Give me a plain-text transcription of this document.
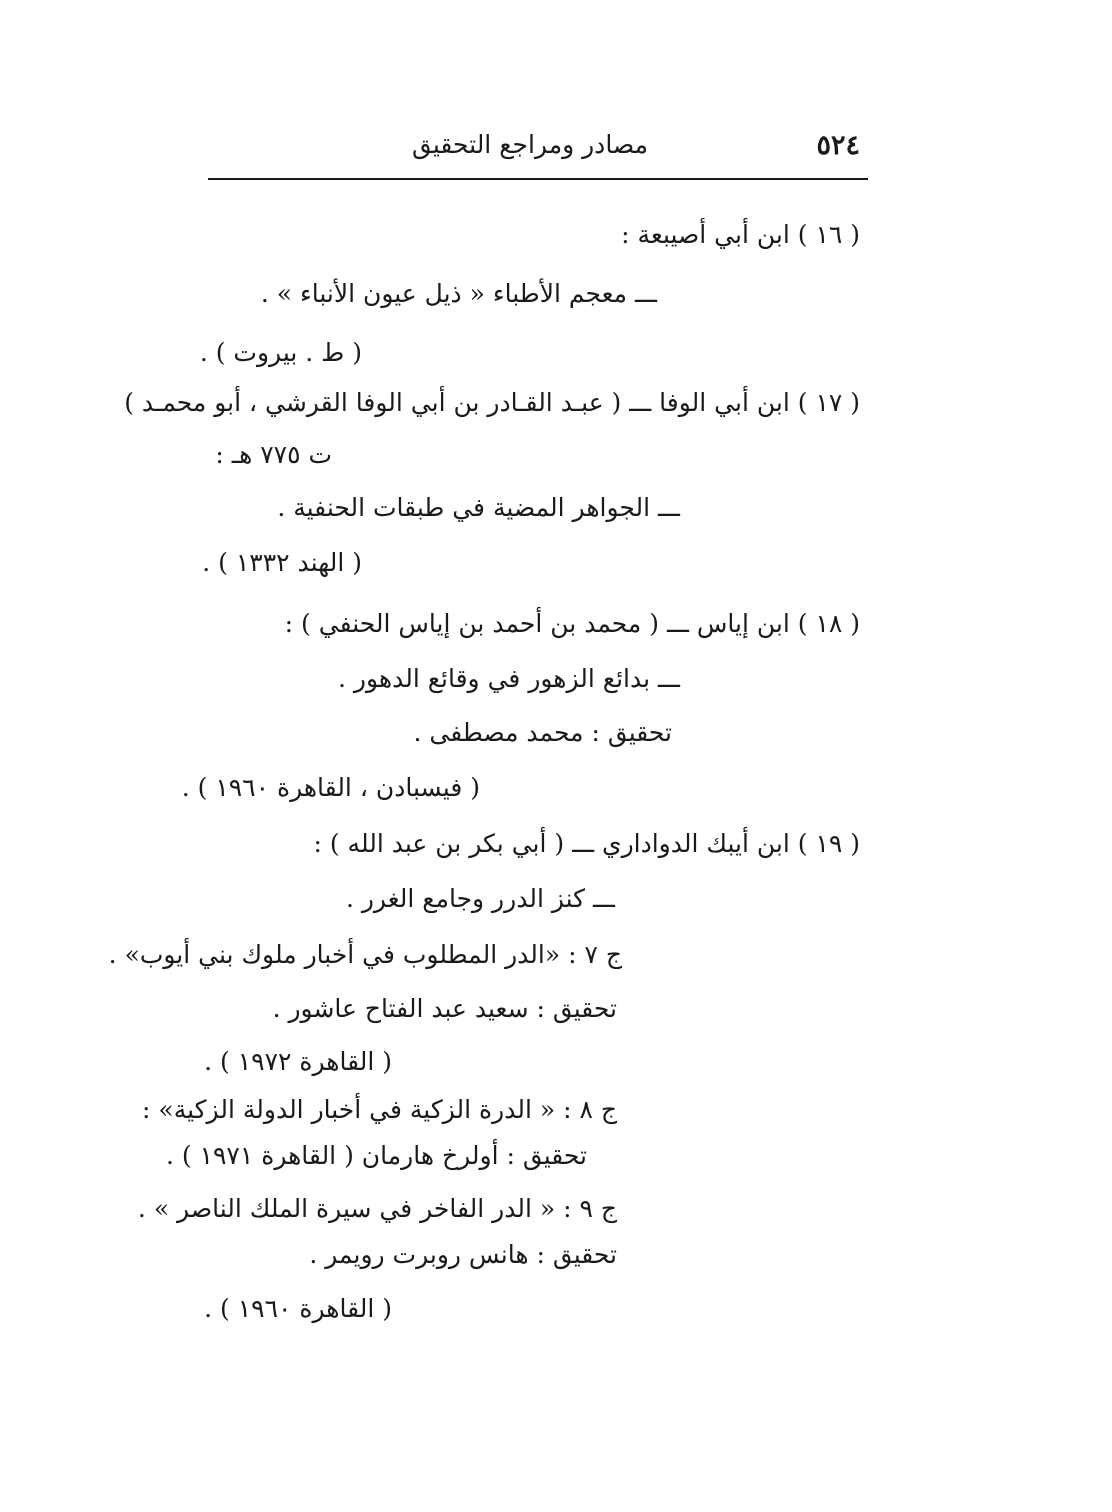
مصادر ومراجع التحقيق	٥٢٤
( ١٦ ) ابن أبي أصيبعة :
ـــ معجم الأطباء « ذيل عيون الأنباء » .
( ط . بيروت ) .
( ١٧ ) ابن أبي الوفا ـــ ( عبـد القـادر بن أبي الوفا القرشي ، أبو محمـد )
ت ٧٧٥ هـ :
ـــ الجواهر المضية في طبقات الحنفية .
( الهند ١٣٣٢ ) .
( ١٨ ) ابن إياس ـــ ( محمد بن أحمد بن إياس الحنفي ) :
ـــ بدائع الزهور في وقائع الدهور .
تحقيق : محمد مصطفى .
( فيسبادن ، القاهرة ١٩٦٠ ) .
( ١٩ ) ابن أيبك الدواداري ـــ ( أبي بكر بن عبد الله ) :
ـــ كنز الدرر وجامع الغرر .
ج ٧ : «الدر المطلوب في أخبار ملوك بني أيوب» .
تحقيق : سعيد عبد الفتاح عاشور .
( القاهرة ١٩٧٢ ) .
ج ٨ : « الدرة الزكية في أخبار الدولة الزكية» :
تحقيق : أولرخ هارمان ( القاهرة ١٩٧١ ) .
ج ٩ : « الدر الفاخر في سيرة الملك الناصر » .
تحقيق : هانس روبرت رويمر .
( القاهرة ١٩٦٠ ) .
